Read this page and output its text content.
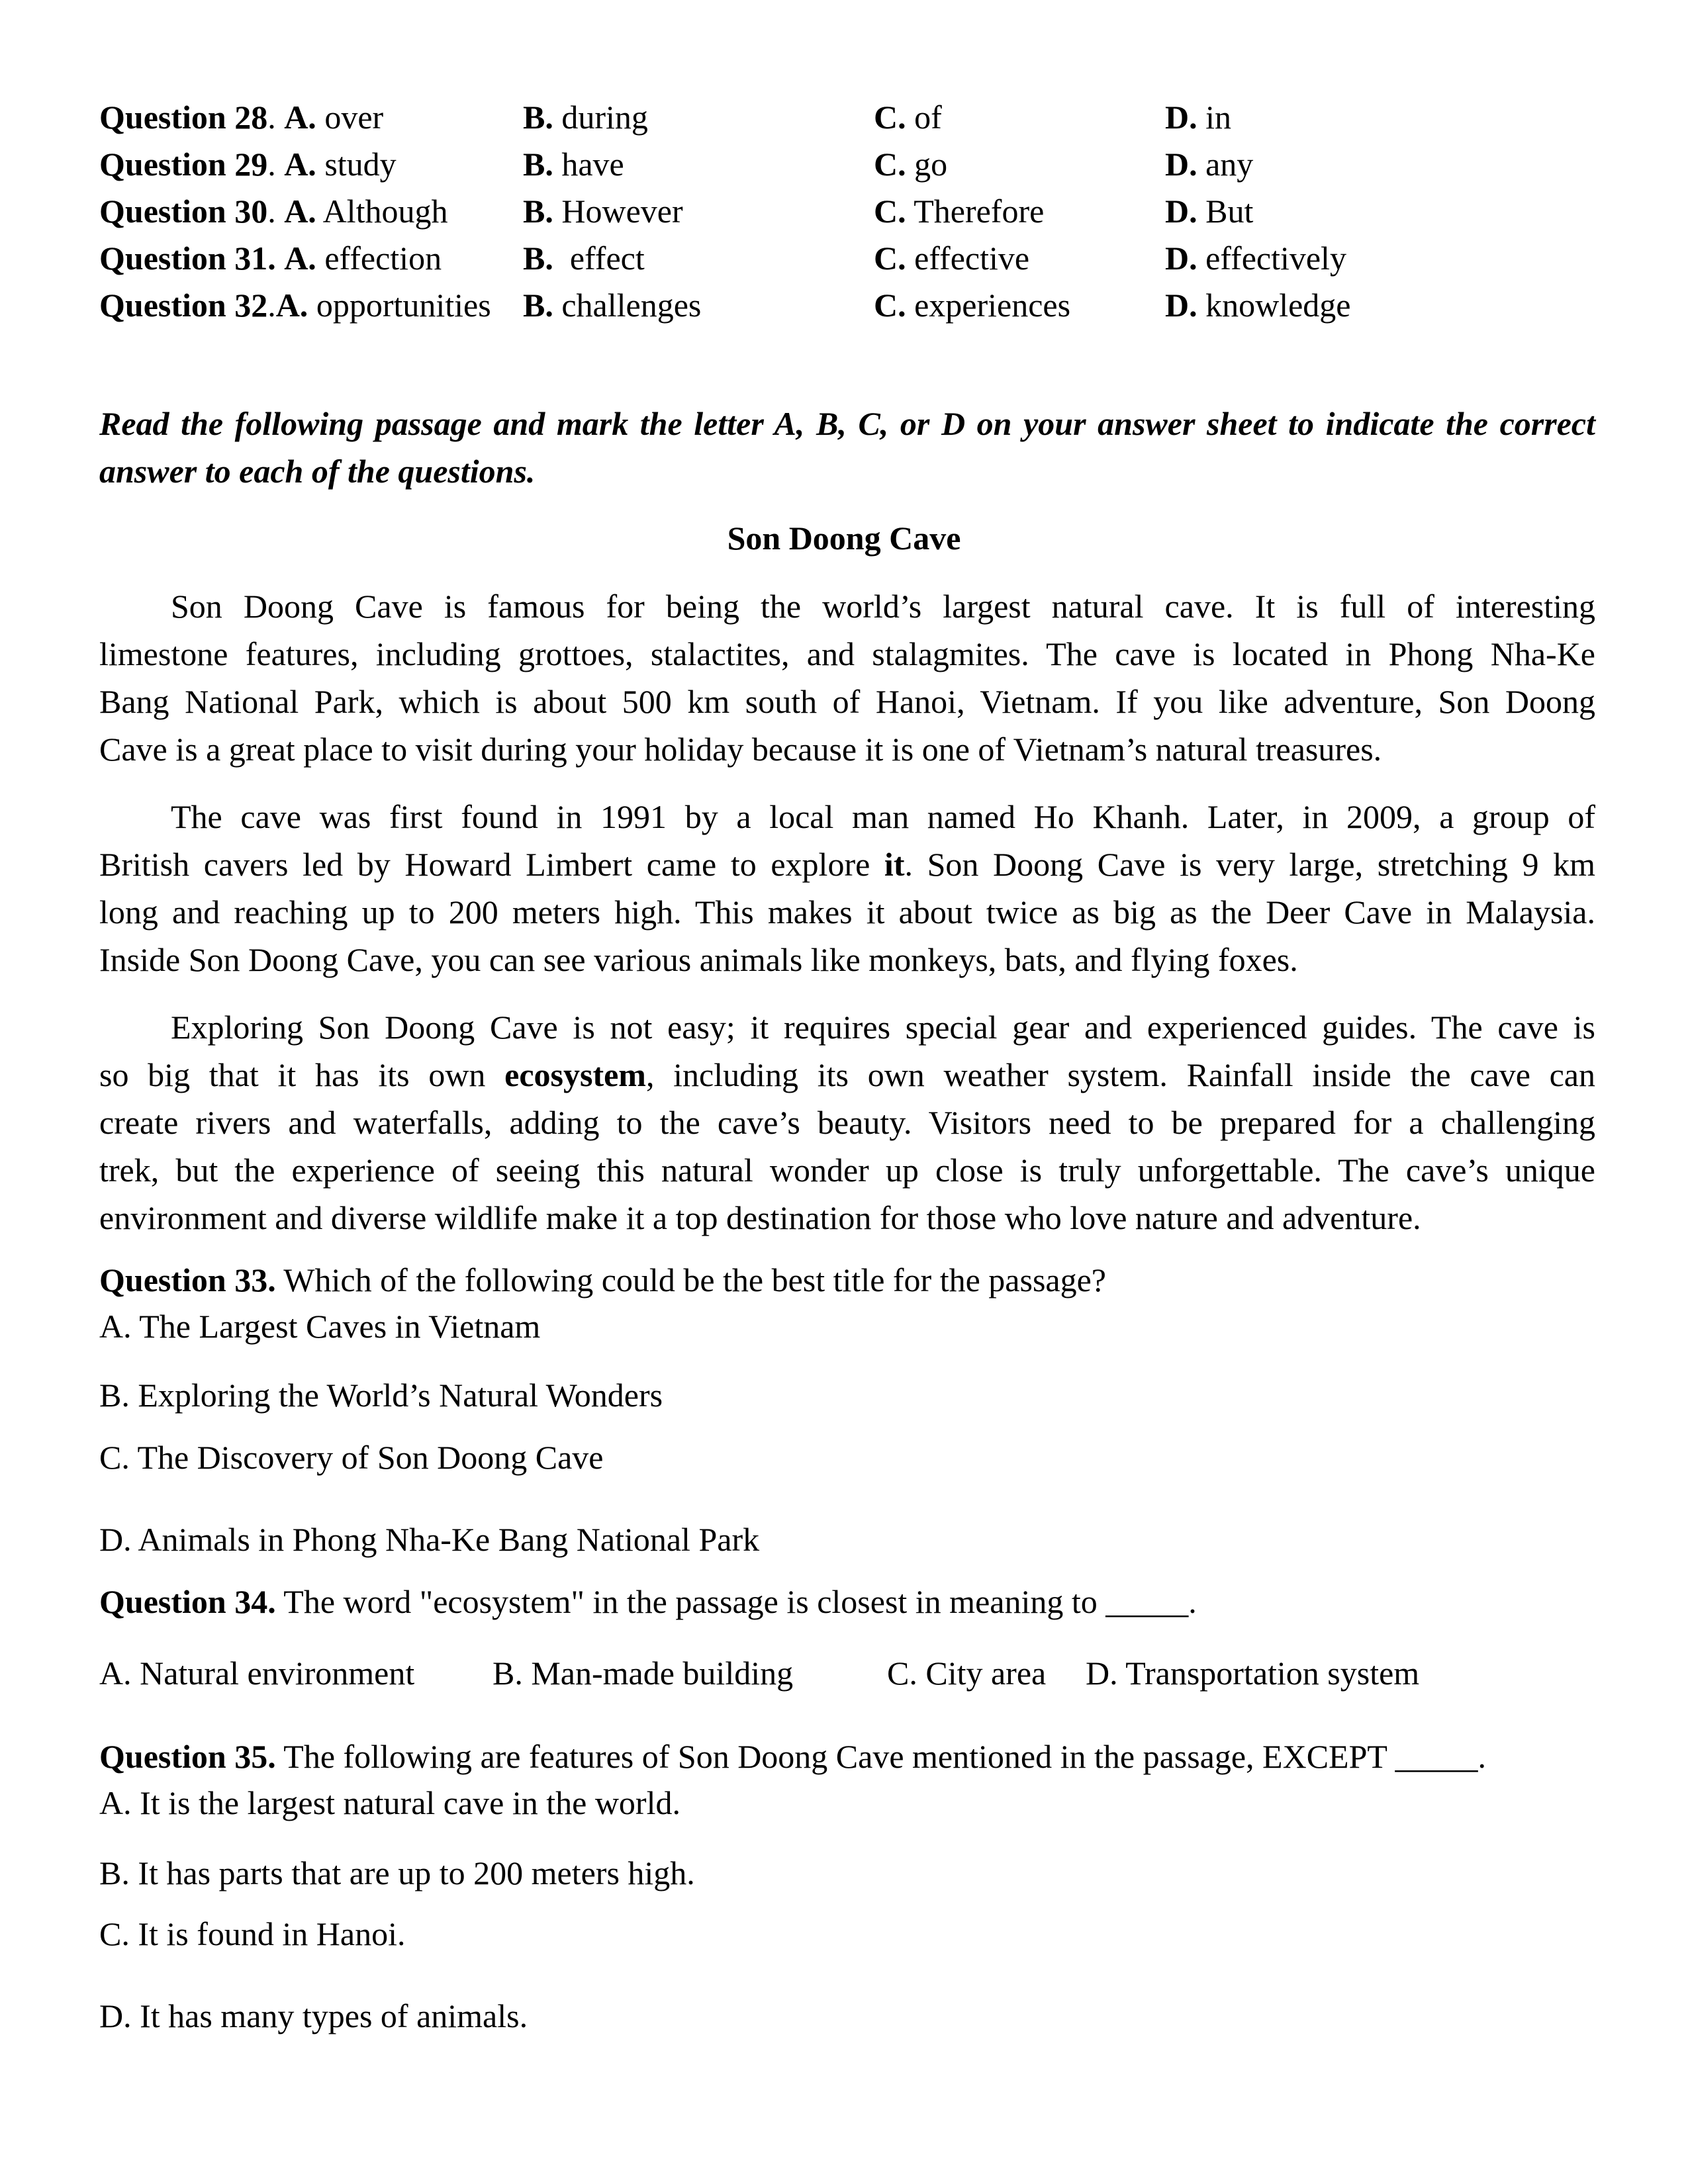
Question 28. A. over	B. during	C. of	D. in
Question 29. A. study	B. have	C. go	D. any
Question 30. A. Although B. However	C. Therefore	D. But
Question 31. A. effection B.  effect	C. effective	D. effectively
Question 32.A. opportunities B. challenges	C. experiences	D. knowledge
Read the following passage and mark the letter A, B, C, or D on your answer sheet to indicate the correct answer to each of the questions.
Son Doong Cave
Son Doong Cave is famous for being the world’s largest natural cave. It is full of interesting
limestone features, including grottoes, stalactites, and stalagmites. The cave is located in Phong Nha-Ke
Bang National Park, which is about 500 km south of Hanoi, Vietnam. If you like adventure, Son Doong
Cave is a great place to visit during your holiday because it is one of Vietnam’s natural treasures.
The cave was first found in 1991 by a local man named Ho Khanh. Later, in 2009, a group of
British cavers led by Howard Limbert came to explore it. Son Doong Cave is very large, stretching 9 km
long and reaching up to 200 meters high. This makes it about twice as big as the Deer Cave in Malaysia.
Inside Son Doong Cave, you can see various animals like monkeys, bats, and flying foxes.
Exploring Son Doong Cave is not easy; it requires special gear and experienced guides. The cave is
so big that it has its own ecosystem, including its own weather system. Rainfall inside the cave can
create rivers and waterfalls, adding to the cave’s beauty. Visitors need to be prepared for a challenging
trek, but the experience of seeing this natural wonder up close is truly unforgettable. The cave’s unique
environment and diverse wildlife make it a top destination for those who love nature and adventure.
Question 33. Which of the following could be the best title for the passage?
A. The Largest Caves in Vietnam
B. Exploring the World’s Natural Wonders
C. The Discovery of Son Doong Cave
D. Animals in Phong Nha-Ke Bang National Park
Question 34. The word "ecosystem" in the passage is closest in meaning to _____.
A. Natural environment B. Man-made building	C. City area D. Transportation system
Question 35. The following are features of Son Doong Cave mentioned in the passage, EXCEPT _____.
A. It is the largest natural cave in the world.
B. It has parts that are up to 200 meters high.
C. It is found in Hanoi.
D. It has many types of animals.
